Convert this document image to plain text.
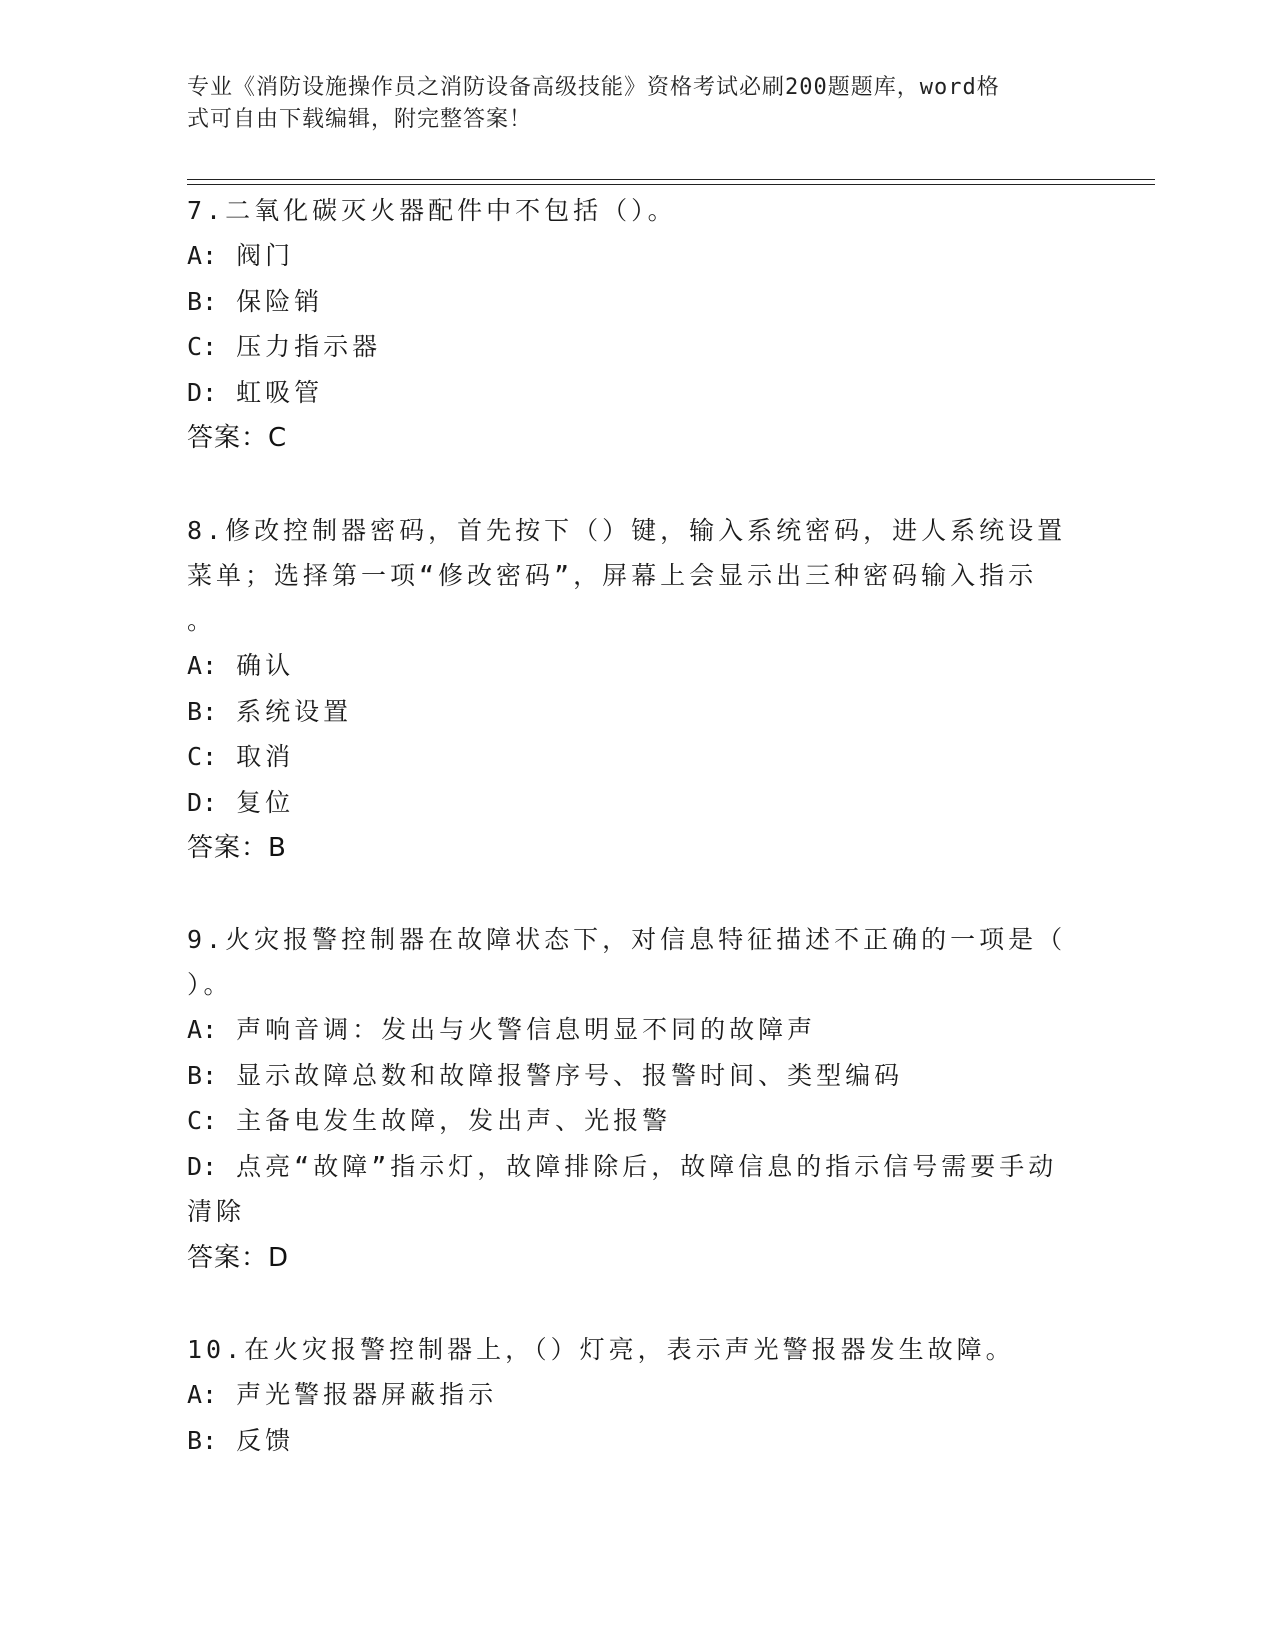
专业《消防设施操作员之消防设备高级技能》资格考试必刷200题题库，word格
式可自由下载编辑，附完整答案！

7.二氧化碳灭火器配件中不包括（）。

A: 阀门

B: 保险销

C: 压力指示器

D: 虹吸管

答案：C

8.修改控制器密码，首先按下（）键，输入系统密码，进人系统设置

菜单；选择第一项“修改密码”，屏幕上会显示出三种密码输入指示

。

A: 确认

B: 系统设置

C: 取消

D: 复位

答案：B

9.火灾报警控制器在故障状态下，对信息特征描述不正确的一项是（

）。

A: 声响音调：发出与火警信息明显不同的故障声

B: 显示故障总数和故障报警序号、报警时间、类型编码

C: 主备电发生故障，发出声、光报警

D: 点亮“故障”指示灯，故障排除后，故障信息的指示信号需要手动

清除

答案：D

10.在火灾报警控制器上，（）灯亮，表示声光警报器发生故障。

A: 声光警报器屏蔽指示

B: 反馈
